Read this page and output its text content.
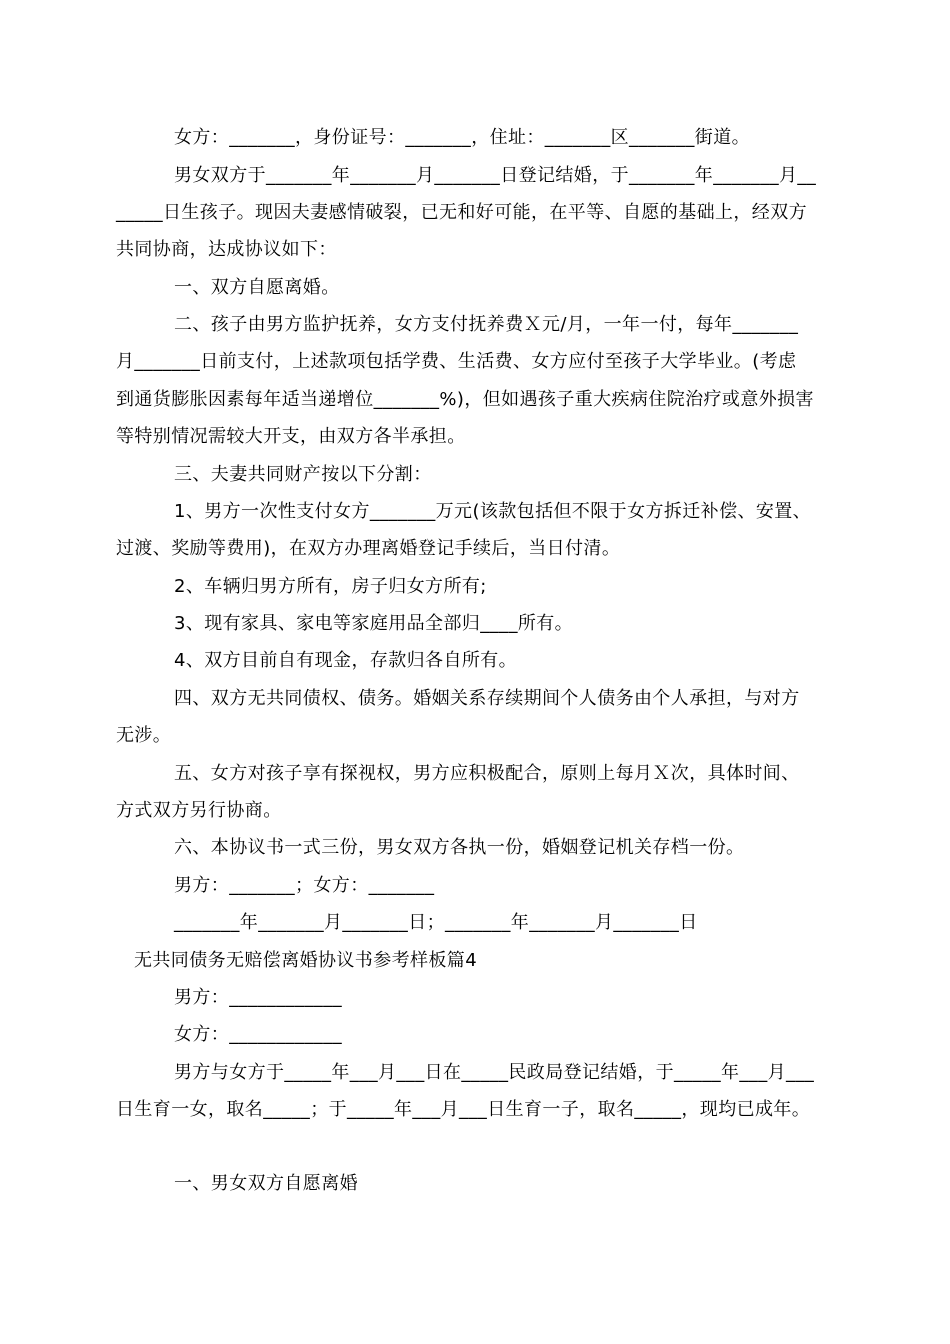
女方：_______，身份证号：_______，住址：_______区_______街道。
男女双方于_______年_______月_______日登记结婚，于_______年_______月__
_____日生孩子。现因夫妻感情破裂，已无和好可能，在平等、自愿的基础上，经双方
共同协商，达成协议如下：
一、双方自愿离婚。
二、孩子由男方监护抚养，女方支付抚养费Ｘ元/月，一年一付，每年_______
月_______日前支付，上述款项包括学费、生活费、女方应付至孩子大学毕业。(考虑
到通货膨胀因素每年适当递增位_______%)，但如遇孩子重大疾病住院治疗或意外损害
等特别情况需较大开支，由双方各半承担。
三、夫妻共同财产按以下分割：
1、男方一次性支付女方_______万元(该款包括但不限于女方拆迁补偿、安置、
过渡、奖励等费用)，在双方办理离婚登记手续后，当日付清。
2、车辆归男方所有，房子归女方所有;
3、现有家具、家电等家庭用品全部归____所有。
4、双方目前自有现金，存款归各自所有。
四、双方无共同债权、债务。婚姻关系存续期间个人债务由个人承担，与对方
无涉。
五、女方对孩子享有探视权，男方应积极配合，原则上每月Ｘ次，具体时间、
方式双方另行协商。
六、本协议书一式三份，男女双方各执一份，婚姻登记机关存档一份。
男方：_______；女方：_______
_______年_______月_______日；_______年_______月_______日
无共同债务无赔偿离婚协议书参考样板篇4
男方：____________
女方：____________
男方与女方于_____年___月___日在_____民政局登记结婚，于_____年___月___
日生育一女，取名_____；于_____年___月___日生育一子，取名_____，现均已成年。
一、男女双方自愿离婚
